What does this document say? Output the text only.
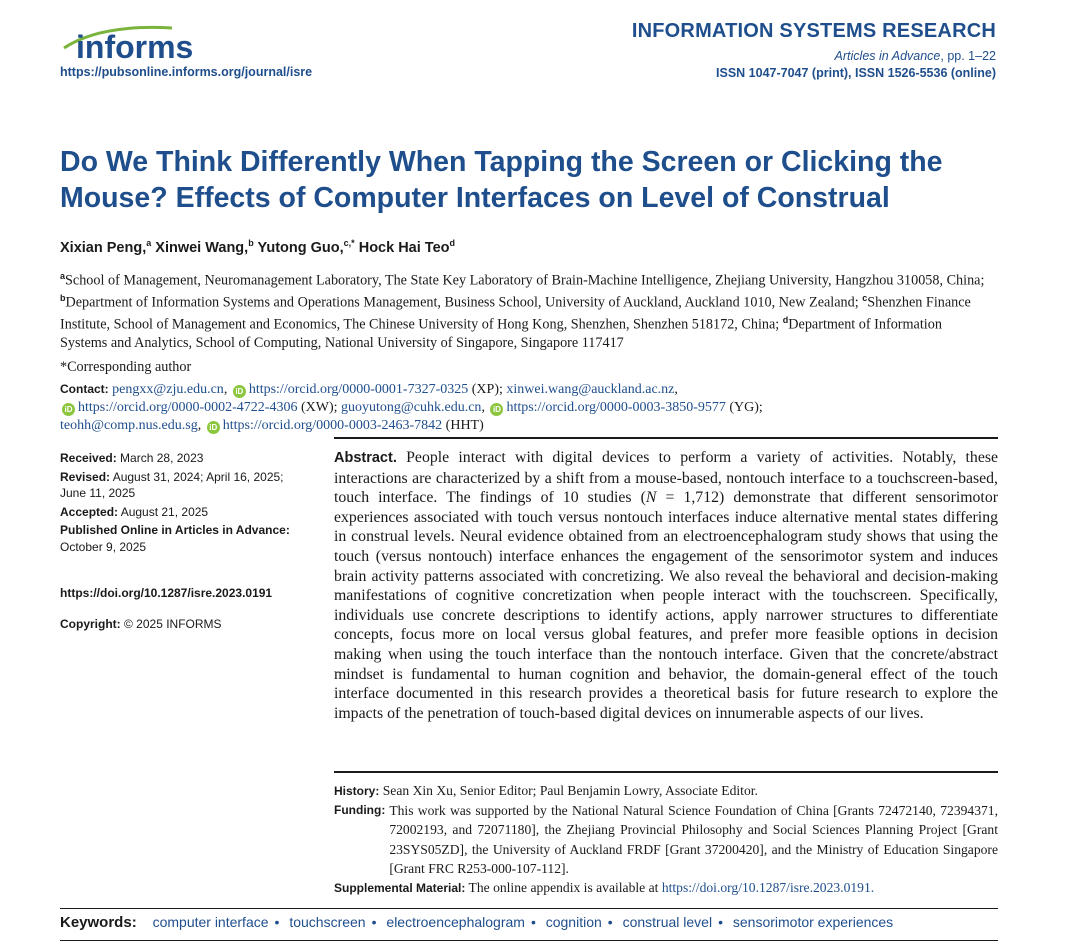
informs
https://pubsonline.informs.org/journal/isre
INFORMATION SYSTEMS RESEARCH
Articles in Advance, pp. 1–22
ISSN 1047-7047 (print), ISSN 1526-5536 (online)
Do We Think Differently When Tapping the Screen or Clicking the Mouse? Effects of Computer Interfaces on Level of Construal
Xixian Peng,$^a$ Xinwei Wang,$^b$ Yutong Guo,$^{c,*}$ Hock Hai Teo$^d$
$^a$School of Management, Neuromanagement Laboratory, The State Key Laboratory of Brain-Machine Intelligence, Zhejiang University, Hangzhou 310058, China; $^b$Department of Information Systems and Operations Management, Business School, University of Auckland, Auckland 1010, New Zealand; $^c$Shenzhen Finance Institute, School of Management and Economics, The Chinese University of Hong Kong, Shenzhen, Shenzhen 518172, China; $^d$Department of Information Systems and Analytics, School of Computing, National University of Singapore, Singapore 117417
*Corresponding author
Contact: pengxx@zju.edu.cn, iD https://orcid.org/0000-0001-7327-0325 (XP); xinwei.wang@auckland.ac.nz,
iD https://orcid.org/0000-0002-4722-4306 (XW); guoyutong@cuhk.edu.cn, iD https://orcid.org/0000-0003-3850-9577 (YG);
teohh@comp.nus.edu.sg, iD https://orcid.org/0000-0003-2463-7842 (HHT)
Received: March 28, 2023
Revised: August 31, 2024; April 16, 2025; June 11, 2025
Accepted: August 21, 2025
Published Online in Articles in Advance:
October 9, 2025
https://doi.org/10.1287/isre.2023.0191
Copyright: © 2025 INFORMS
Abstract. People interact with digital devices to perform a variety of activities. Notably, these interactions are characterized by a shift from a mouse-based, nontouch interface to a touchscreen-based, touch interface. The findings of 10 studies (N = 1,712) demonstrate that different sensorimotor experiences associated with touch versus nontouch interfaces induce alternative mental states differing in construal levels. Neural evidence obtained from an electroencephalogram study shows that using the touch (versus nontouch) interface enhances the engagement of the sensorimotor system and induces brain activity patterns associated with concretizing. We also reveal the behavioral and decision-making manifestations of cognitive concretization when people interact with the touchscreen. Specifically, individuals use concrete descriptions to identify actions, apply narrower structures to differentiate concepts, focus more on local versus global features, and prefer more feasible options in decision making when using the touch interface than the nontouch interface. Given that the concrete/abstract mindset is fundamental to human cognition and behavior, the domain-general effect of the touch interface documented in this research provides a theoretical basis for future research to explore the impacts of the penetration of touch-based digital devices on innumerable aspects of our lives.
History: Sean Xin Xu, Senior Editor; Paul Benjamin Lowry, Associate Editor.
Funding: This work was supported by the National Natural Science Foundation of China [Grants 72472140, 72394371, 72002193, and 72071180], the Zhejiang Provincial Philosophy and Social Sciences Planning Project [Grant 23SYS05ZD], the University of Auckland FRDF [Grant 37200420], and the Ministry of Education Singapore [Grant FRC R253-000-107-112].
Supplemental Material: The online appendix is available at https://doi.org/10.1287/isre.2023.0191.
Keywords: computer interface • touchscreen • electroencephalogram • cognition • construal level • sensorimotor experiences
